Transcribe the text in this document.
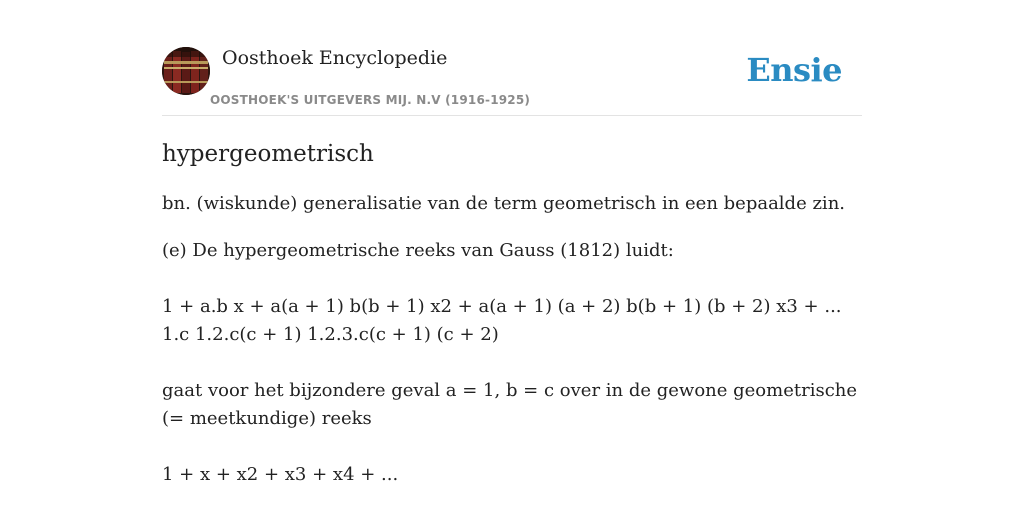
Oosthoek Encyclopedie
OOSTHOEK'S UITGEVERS MIJ. N.V (1916-1925)
Ensie
hypergeometrisch

bn. (wiskunde) generalisatie van de term geometrisch in een bepaalde zin.

(e) De hypergeometrische reeks van Gauss (1812) luidt:

1 + a.b x + a(a + 1) b(b + 1) x2 + a(a + 1) (a + 2) b(b + 1) (b + 2) x3 + ...

1.c 1.2.c(c + 1) 1.2.3.c(c + 1) (c + 2)

gaat voor het bijzondere geval a = 1, b = c over in de gewone geometrische (= meetkundige) reeks

1 + x + x2 + x3 + x4 + ...
